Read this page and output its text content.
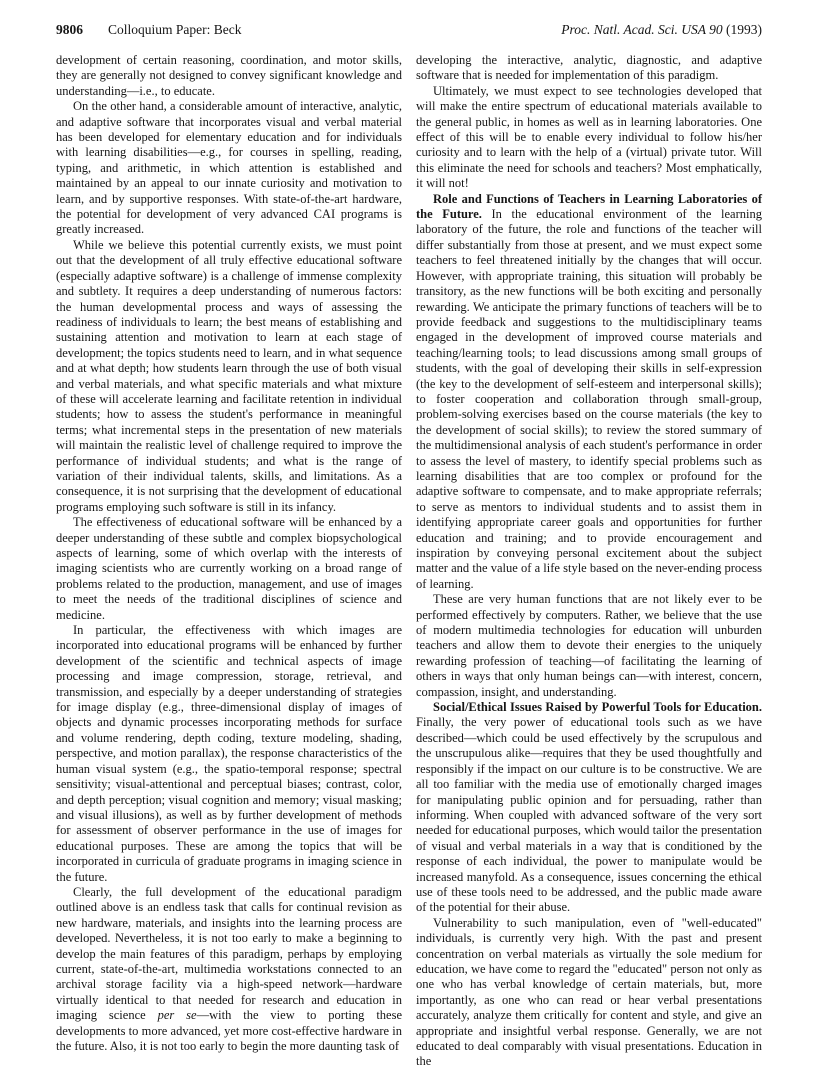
9806 Colloquium Paper: Beck	Proc. Natl. Acad. Sci. USA 90 (1993)

development of certain reasoning, coordination, and motor skills, they are generally not designed to convey significant knowledge and understanding—i.e., to educate.

On the other hand, a considerable amount of interactive, analytic, and adaptive software that incorporates visual and verbal material has been developed for elementary education and for individuals with learning disabilities—e.g., for courses in spelling, reading, typing, and arithmetic, in which attention is established and maintained by an appeal to our innate curiosity and motivation to learn, and by supportive responses. With state-of-the-art hardware, the potential for development of very advanced CAI programs is greatly increased.

While we believe this potential currently exists, we must point out that the development of all truly effective educational software (especially adaptive software) is a challenge of immense complexity and subtlety. It requires a deep understanding of numerous factors: the human developmental process and ways of assessing the readiness of individuals to learn; the best means of establishing and sustaining attention and motivation to learn at each stage of development; the topics students need to learn, and in what sequence and at what depth; how students learn through the use of both visual and verbal materials, and what specific materials and what mixture of these will accelerate learning and facilitate retention in individual students; how to assess the student's performance in meaningful terms; what incremental steps in the presentation of new materials will maintain the realistic level of challenge required to improve the performance of individual students; and what is the range of variation of their individual talents, skills, and limitations. As a consequence, it is not surprising that the development of educational programs employing such software is still in its infancy.

The effectiveness of educational software will be enhanced by a deeper understanding of these subtle and complex biopsychological aspects of learning, some of which overlap with the interests of imaging scientists who are currently working on a broad range of problems related to the production, management, and use of images to meet the needs of the traditional disciplines of science and medicine.

In particular, the effectiveness with which images are incorporated into educational programs will be enhanced by further development of the scientific and technical aspects of image processing and image compression, storage, retrieval, and transmission, and especially by a deeper understanding of strategies for image display (e.g., three-dimensional display of images of objects and dynamic processes incorporating methods for surface and volume rendering, depth coding, texture modeling, shading, perspective, and motion parallax), the response characteristics of the human visual system (e.g., the spatio-temporal response; spectral sensitivity; visual-attentional and perceptual biases; contrast, color, and depth perception; visual cognition and memory; visual masking; and visual illusions), as well as by further development of methods for assessment of observer performance in the use of images for educational purposes. These are among the topics that will be incorporated in curricula of graduate programs in imaging science in the future.

Clearly, the full development of the educational paradigm outlined above is an endless task that calls for continual revision as new hardware, materials, and insights into the learning process are developed. Nevertheless, it is not too early to make a beginning to develop the main features of this paradigm, perhaps by employing current, state-of-the-art, multimedia workstations connected to an archival storage facility via a high-speed network—hardware virtually identical to that needed for research and education in imaging science per se—with the view to porting these developments to more advanced, yet more cost-effective hardware in the future. Also, it is not too early to begin the more daunting task of

developing the interactive, analytic, diagnostic, and adaptive software that is needed for implementation of this paradigm.

Ultimately, we must expect to see technologies developed that will make the entire spectrum of educational materials available to the general public, in homes as well as in learning laboratories. One effect of this will be to enable every individual to follow his/her curiosity and to learn with the help of a (virtual) private tutor. Will this eliminate the need for schools and teachers? Most emphatically, it will not!

Role and Functions of Teachers in Learning Laboratories of the Future. In the educational environment of the learning laboratory of the future, the role and functions of the teacher will differ substantially from those at present, and we must expect some teachers to feel threatened initially by the changes that will occur. However, with appropriate training, this situation will probably be transitory, as the new functions will be both exciting and personally rewarding. We anticipate the primary functions of teachers will be to provide feedback and suggestions to the multidisciplinary teams engaged in the development of improved course materials and teaching/learning tools; to lead discussions among small groups of students, with the goal of developing their skills in self-expression (the key to the development of self-esteem and interpersonal skills); to foster cooperation and collaboration through small-group, problem-solving exercises based on the course materials (the key to the development of social skills); to review the stored summary of the multidimensional analysis of each student's performance in order to assess the level of mastery, to identify special problems such as learning disabilities that are too complex or profound for the adaptive software to compensate, and to make appropriate referrals; to serve as mentors to individual students and to assist them in identifying appropriate career goals and opportunities for further education and training; and to provide encouragement and inspiration by conveying personal excitement about the subject matter and the value of a life style based on the never-ending process of learning.

These are very human functions that are not likely ever to be performed effectively by computers. Rather, we believe that the use of modern multimedia technologies for education will unburden teachers and allow them to devote their energies to the uniquely rewarding profession of teaching—of facilitating the learning of others in ways that only human beings can—with interest, concern, compassion, insight, and understanding.

Social/Ethical Issues Raised by Powerful Tools for Education. Finally, the very power of educational tools such as we have described—which could be used effectively by the scrupulous and the unscrupulous alike—requires that they be used thoughtfully and responsibly if the impact on our culture is to be constructive. We are all too familiar with the media use of emotionally charged images for manipulating public opinion and for persuading, rather than informing. When coupled with advanced software of the very sort needed for educational purposes, which would tailor the presentation of visual and verbal materials in a way that is conditioned by the response of each individual, the power to manipulate would be increased manyfold. As a consequence, issues concerning the ethical use of these tools need to be addressed, and the public made aware of the potential for their abuse.

Vulnerability to such manipulation, even of "well-educated" individuals, is currently very high. With the past and present concentration on verbal materials as virtually the sole medium for education, we have come to regard the "educated" person not only as one who has verbal knowledge of certain materials, but, more importantly, as one who can read or hear verbal presentations accurately, analyze them critically for content and style, and give an appropriate and insightful verbal response. Generally, we are not educated to deal comparably with visual presentations. Education in the
